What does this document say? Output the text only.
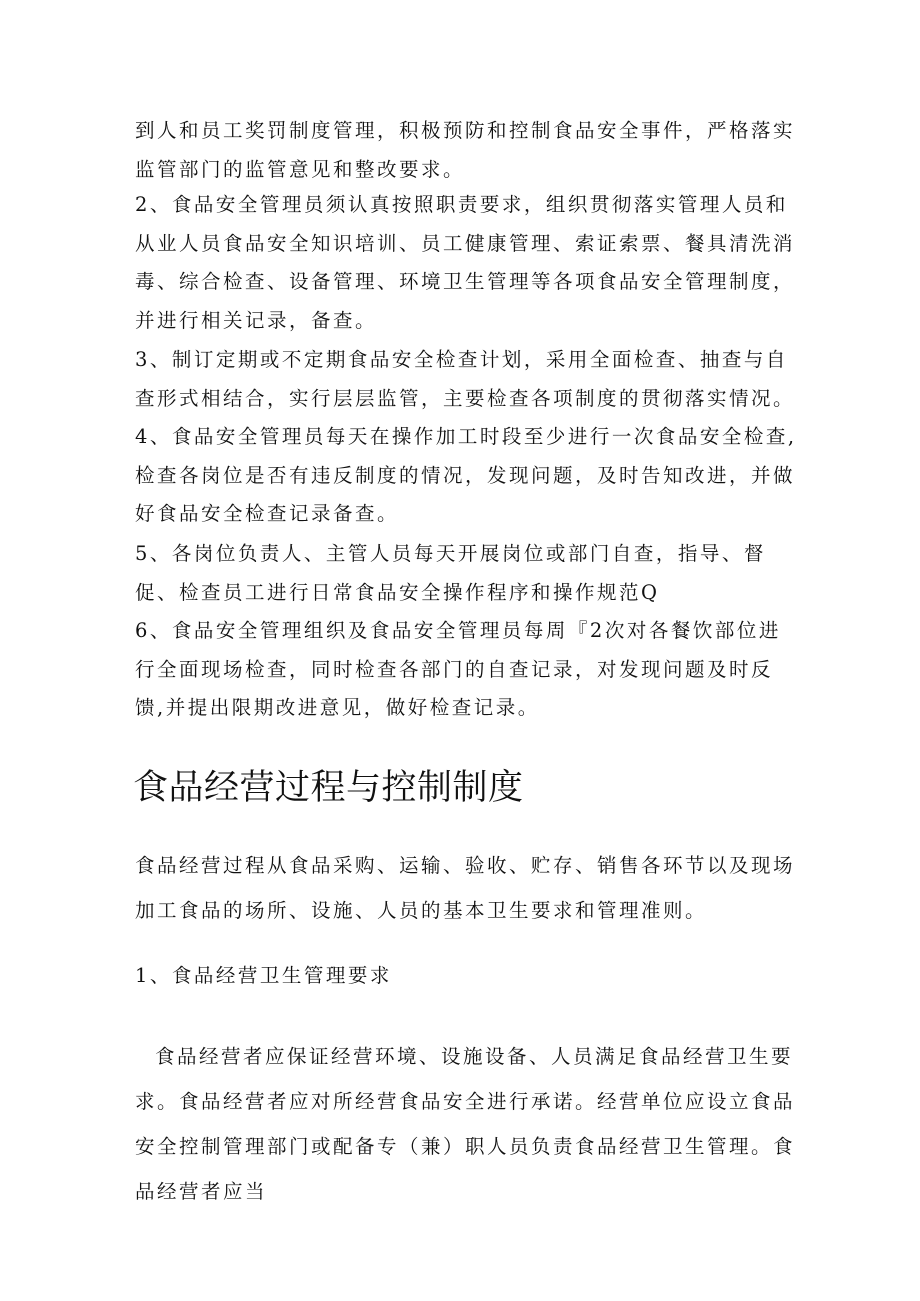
到人和员工奖罚制度管理，积极预防和控制食品安全事件，严格落实监管部门的监管意见和整改要求。

2、食品安全管理员须认真按照职责要求，组织贯彻落实管理人员和从业人员食品安全知识培训、员工健康管理、索证索票、餐具清洗消毒、综合检查、设备管理、环境卫生管理等各项食品安全管理制度，并进行相关记录，备查。

3、制订定期或不定期食品安全检查计划，采用全面检查、抽查与自查形式相结合，实行层层监管，主要检查各项制度的贯彻落实情况。4、食品安全管理员每天在操作加工时段至少进行一次食品安全检查,检查各岗位是否有违反制度的情况，发现问题，及时告知改进，并做好食品安全检查记录备查。

5、各岗位负责人、主管人员每天开展岗位或部门自查，指导、督促、检查员工进行日常食品安全操作程序和操作规范Q

6、食品安全管理组织及食品安全管理员每周『2次对各餐饮部位进行全面现场检查，同时检查各部门的自查记录，对发现问题及时反馈,并提出限期改进意见，做好检查记录。

食品经营过程与控制制度

食品经营过程从食品采购、运输、验收、贮存、销售各环节以及现场加工食品的场所、设施、人员的基本卫生要求和管理准则。

1、食品经营卫生管理要求

食品经营者应保证经营环境、设施设备、人员满足食品经营卫生要求。食品经营者应对所经营食品安全进行承诺。经营单位应设立食品安全控制管理部门或配备专（兼）职人员负责食品经营卫生管理。食品经营者应当
